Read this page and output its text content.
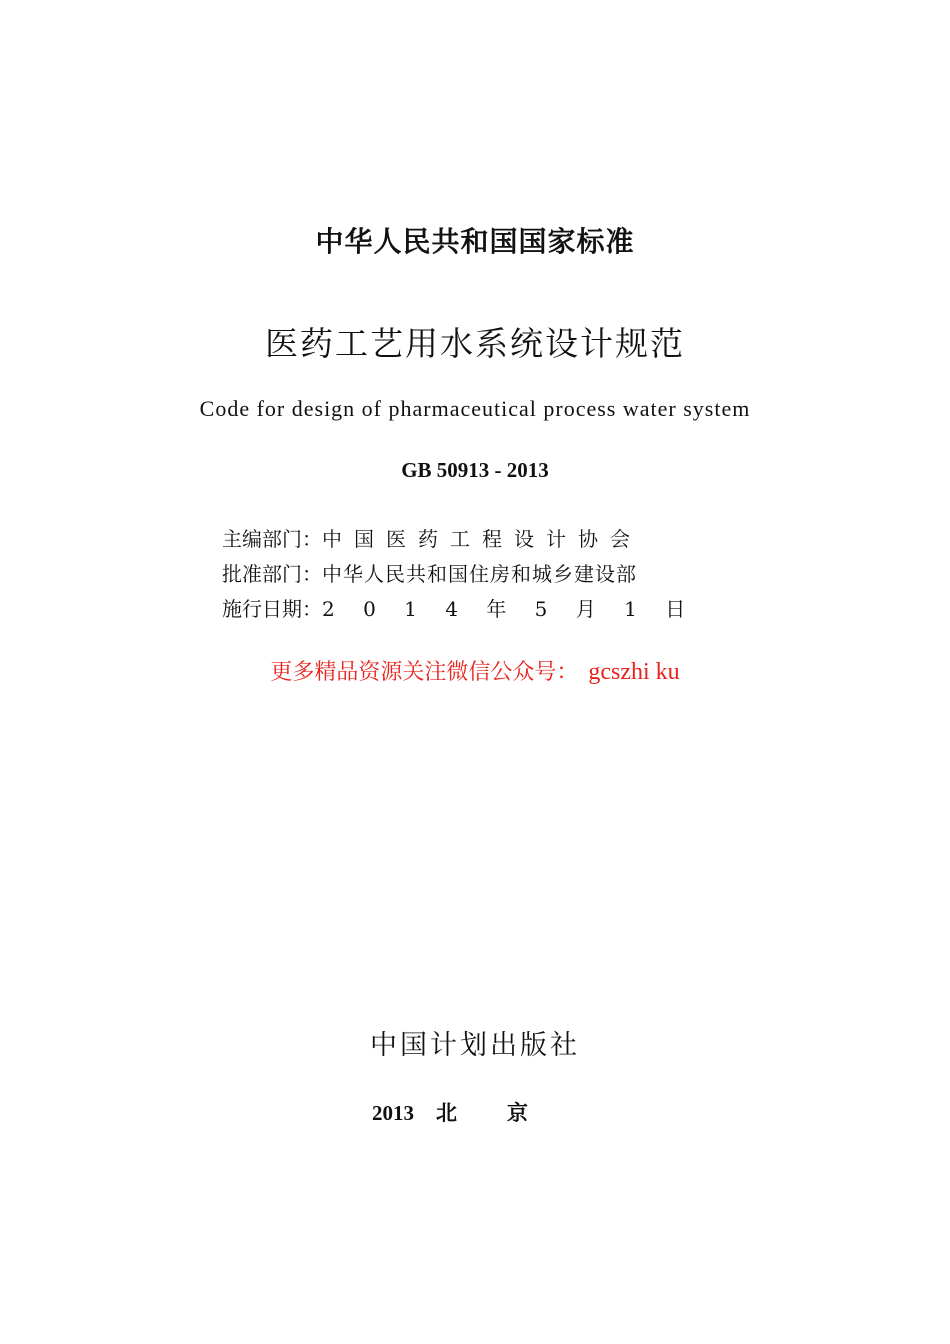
中华人民共和国国家标准
医药工艺用水系统设计规范
Code for design of pharmaceutical process water system
GB 50913 - 2013
主编部门： 中国医药工程设计协会
批准部门： 中华人民共和国住房和城乡建设部
施行日期： 2 0 1 4 年 5 月 1 日
更多精品资源关注微信公众号： gcszhi ku
中国计划出版社
2013 北京
